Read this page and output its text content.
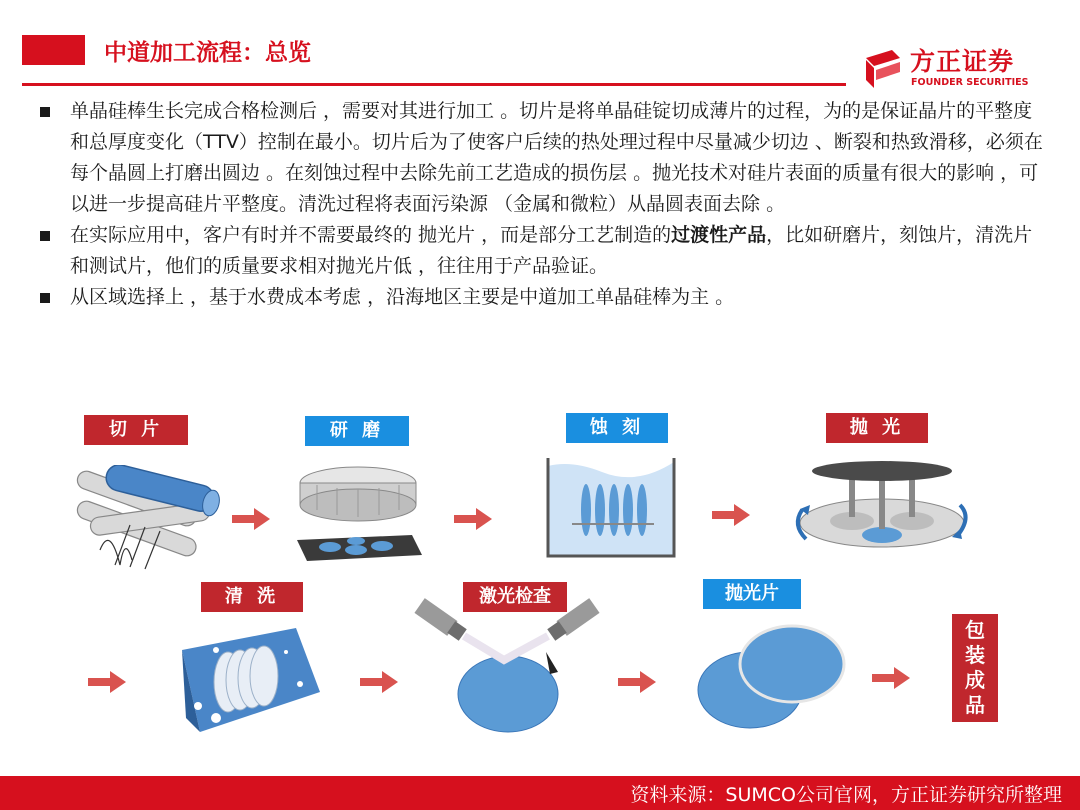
中道加工流程：总览	方正证券
FOUNDER SECURITIES

单晶硅棒生长完成合格检测后 ，需要对其进行加工 。切片是将单晶硅锭切成薄片的过程，为的是保证晶片的平整度和总厚度变化（TTV）控制在最小。切片后为了使客户后续的热处理过程中尽量减少切边 、断裂和热致滑移，必须在每个晶圆上打磨出圆边 。在刻蚀过程中去除先前工艺造成的损伤层 。抛光技术对硅片表面的质量有很大的影响 ，可以进一步提高硅片平整度。清洗过程将表面污染源 （金属和微粒）从晶圆表面去除 。

在实际应用中，客户有时并不需要最终的 抛光片 ，而是部分工艺制造的过渡性产品，比如研磨片，刻蚀片，清洗片和测试片，他们的质量要求相对抛光片低 ，往往用于产品验证。

从区域选择上 ，基于水费成本考虑 ，沿海地区主要是中道加工单晶硅棒为主 。

切 片	研 磨	蚀 刻	抛 光
清 洗	激光检查	抛光片
包
装
成
品
资料来源：SUMCO公司官网，方正证券研究所整理
